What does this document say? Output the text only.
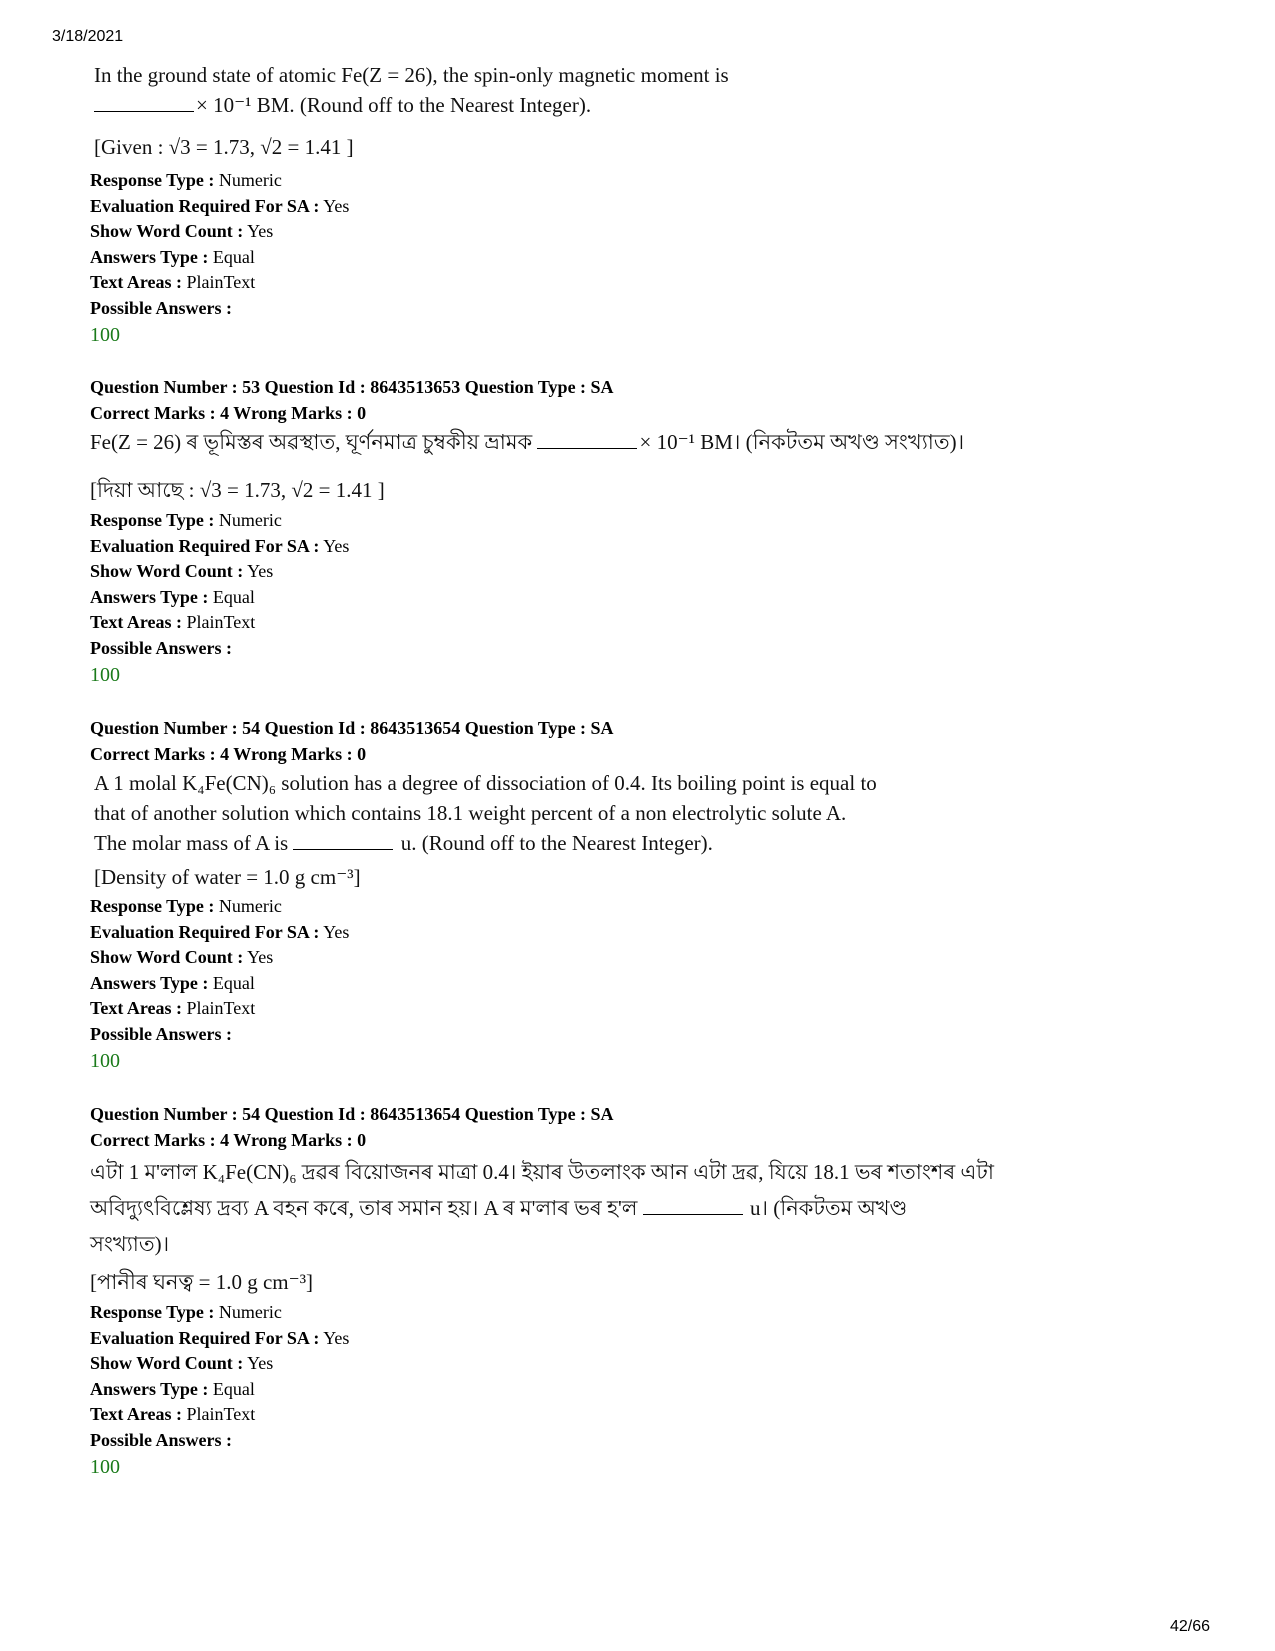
3/18/2021
In the ground state of atomic Fe(Z = 26), the spin-only magnetic moment is
× 10⁻¹ BM. (Round off to the Nearest Integer).
[Given : √3 = 1.73, √2 = 1.41 ]
Response Type : Numeric
Evaluation Required For SA : Yes
Show Word Count : Yes
Answers Type : Equal
Text Areas : PlainText
Possible Answers :
100
Question Number : 53 Question Id : 8643513653 Question Type : SA
Correct Marks : 4 Wrong Marks : 0
Fe(Z = 26) ৰ ভূমিস্তৰ অৱস্থাত, ঘূৰ্ণনমাত্ৰ চুম্বকীয় ভ্ৰামক	× 10⁻¹ BM। (নিকটতম অখণ্ড সংখ্যাত)।
[দিয়া আছে : √3 = 1.73, √2 = 1.41 ]
Response Type : Numeric
Evaluation Required For SA : Yes
Show Word Count : Yes
Answers Type : Equal
Text Areas : PlainText
Possible Answers :
100
Question Number : 54 Question Id : 8643513654 Question Type : SA
Correct Marks : 4 Wrong Marks : 0
A 1 molal K₄Fe(CN)₆ solution has a degree of dissociation of 0.4. Its boiling point is equal to
that of another solution which contains 18.1 weight percent of a non electrolytic solute A.
The molar mass of A is	u. (Round off to the Nearest Integer).
[Density of water = 1.0 g cm⁻³]
Response Type : Numeric
Evaluation Required For SA : Yes
Show Word Count : Yes
Answers Type : Equal
Text Areas : PlainText
Possible Answers :
100
Question Number : 54 Question Id : 8643513654 Question Type : SA
Correct Marks : 4 Wrong Marks : 0
এটা 1 ম'লাল K₄Fe(CN)₆ দ্ৰৱৰ বিয়োজনৰ মাত্ৰা 0.4। ইয়াৰ উতলাংক আন এটা দ্ৰৱ, যিয়ে 18.1 ভৰ শতাংশৰ এটা
অবিদ্যুৎবিশ্লেষ্য দ্ৰব্য A বহন কৰে, তাৰ সমান হয়। A ৰ ম'লাৰ ভৰ হ'ল	u। (নিকটতম অখণ্ড
সংখ্যাত)।
[পানীৰ ঘনত্ব = 1.0 g cm⁻³]
Response Type : Numeric
Evaluation Required For SA : Yes
Show Word Count : Yes
Answers Type : Equal
Text Areas : PlainText
Possible Answers :
100
42/66
